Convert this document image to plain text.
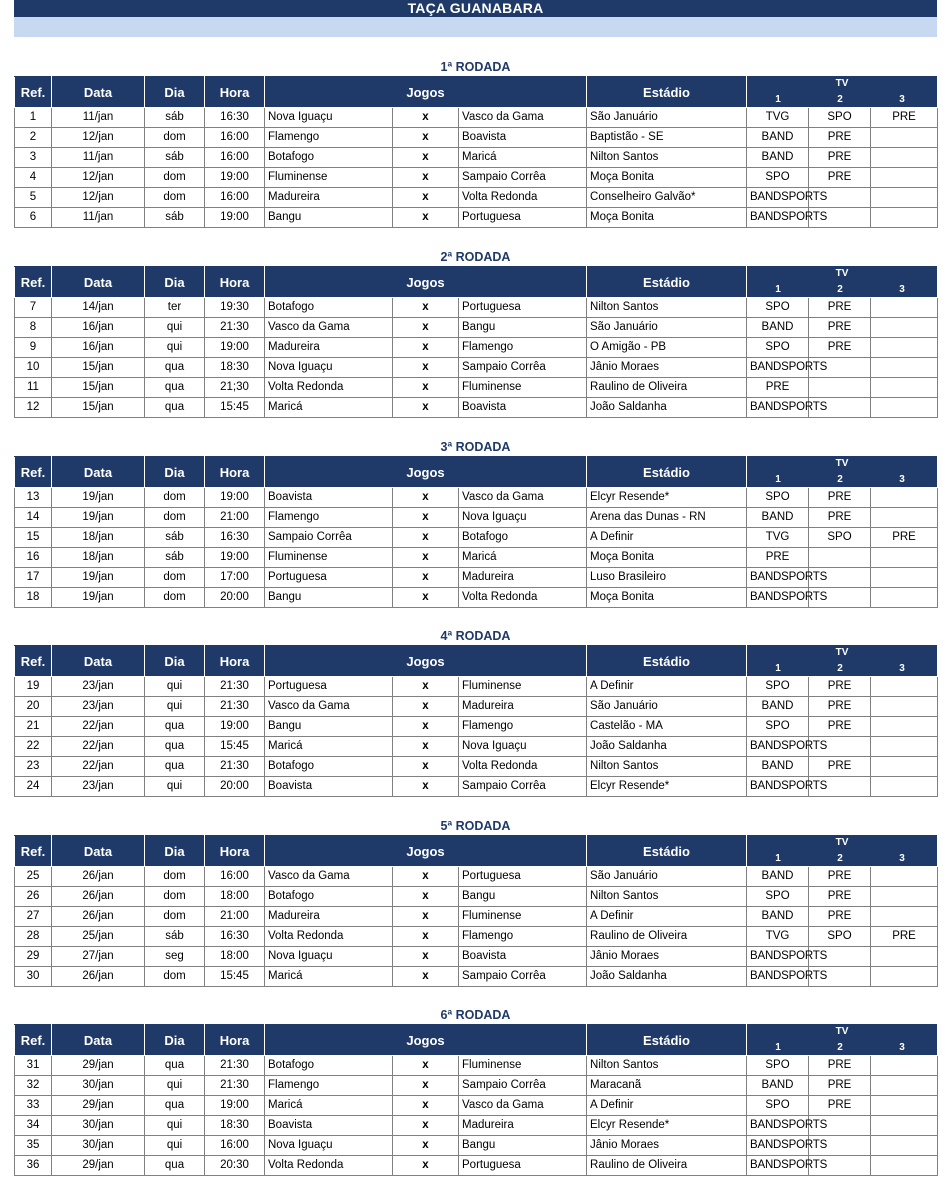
TAÇA GUANABARA
1ª RODADA
Ref.	Data	Dia	Hora	Jogos			Estádio	TV
1 2 3		

1	11/jan	sáb	16:30	Nova Iguaçu	x	Vasco da Gama	São Januário	TVG	SPO	PRE
2	12/jan	dom	16:00	Flamengo	x	Boavista	Baptistão - SE	BAND	PRE	
3	11/jan	sáb	16:00	Botafogo	x	Maricá	Nilton Santos	BAND	PRE	
4	12/jan	dom	19:00	Fluminense	x	Sampaio Corrêa	Moça Bonita	SPO	PRE	
5	12/jan	dom	16:00	Madureira	x	Volta Redonda	Conselheiro Galvão*	BANDSPORTS		
6	11/jan	sáb	19:00	Bangu	x	Portuguesa	Moça Bonita	BANDSPORTS		
2ª RODADA
Ref.	Data	Dia	Hora	Jogos			Estádio	TV
1 2 3		

7	14/jan	ter	19:30	Botafogo	x	Portuguesa	Nilton Santos	SPO	PRE	
8	16/jan	qui	21:30	Vasco da Gama	x	Bangu	São Januário	BAND	PRE	
9	16/jan	qui	19:00	Madureira	x	Flamengo	O Amigão - PB	SPO	PRE	
10	15/jan	qua	18:30	Nova Iguaçu	x	Sampaio Corrêa	Jânio Moraes	BANDSPORTS		
11	15/jan	qua	21;30	Volta Redonda	x	Fluminense	Raulino de Oliveira	PRE		
12	15/jan	qua	15:45	Maricá	x	Boavista	João Saldanha	BANDSPORTS		
3ª RODADA
Ref.	Data	Dia	Hora	Jogos			Estádio	TV
1 2 3		

13	19/jan	dom	19:00	Boavista	x	Vasco da Gama	Elcyr Resende*	SPO	PRE	
14	19/jan	dom	21:00	Flamengo	x	Nova Iguaçu	Arena das Dunas - RN	BAND	PRE	
15	18/jan	sáb	16:30	Sampaio Corrêa	x	Botafogo	A Definir	TVG	SPO	PRE
16	18/jan	sáb	19:00	Fluminense	x	Maricá	Moça Bonita	PRE		
17	19/jan	dom	17:00	Portuguesa	x	Madureira	Luso Brasileiro	BANDSPORTS		
18	19/jan	dom	20:00	Bangu	x	Volta Redonda	Moça Bonita	BANDSPORTS		
4ª RODADA
Ref.	Data	Dia	Hora	Jogos			Estádio	TV
1 2 3		

19	23/jan	qui	21:30	Portuguesa	x	Fluminense	A Definir	SPO	PRE	
20	23/jan	qui	21:30	Vasco da Gama	x	Madureira	São Januário	BAND	PRE	
21	22/jan	qua	19:00	Bangu	x	Flamengo	Castelão - MA	SPO	PRE	
22	22/jan	qua	15:45	Maricá	x	Nova Iguaçu	João Saldanha	BANDSPORTS		
23	22/jan	qua	21:30	Botafogo	x	Volta Redonda	Nilton Santos	BAND	PRE	
24	23/jan	qui	20:00	Boavista	x	Sampaio Corrêa	Elcyr Resende*	BANDSPORTS		
5ª RODADA
Ref.	Data	Dia	Hora	Jogos			Estádio	TV
1 2 3		

25	26/jan	dom	16:00	Vasco da Gama	x	Portuguesa	São Januário	BAND	PRE	
26	26/jan	dom	18:00	Botafogo	x	Bangu	Nilton Santos	SPO	PRE	
27	26/jan	dom	21:00	Madureira	x	Fluminense	A Definir	BAND	PRE	
28	25/jan	sáb	16:30	Volta Redonda	x	Flamengo	Raulino de Oliveira	TVG	SPO	PRE
29	27/jan	seg	18:00	Nova Iguaçu	x	Boavista	Jânio Moraes	BANDSPORTS		
30	26/jan	dom	15:45	Maricá	x	Sampaio Corrêa	João Saldanha	BANDSPORTS		
6ª RODADA
Ref.	Data	Dia	Hora	Jogos			Estádio	TV
1 2 3		

31	29/jan	qua	21:30	Botafogo	x	Fluminense	Nilton Santos	SPO	PRE	
32	30/jan	qui	21:30	Flamengo	x	Sampaio Corrêa	Maracanã	BAND	PRE	
33	29/jan	qua	19:00	Maricá	x	Vasco da Gama	A Definir	SPO	PRE	
34	30/jan	qui	18:30	Boavista	x	Madureira	Elcyr Resende*	BANDSPORTS		
35	30/jan	qui	16:00	Nova Iguaçu	x	Bangu	Jânio Moraes	BANDSPORTS		
36	29/jan	qua	20:30	Volta Redonda	x	Portuguesa	Raulino de Oliveira	BANDSPORTS		
